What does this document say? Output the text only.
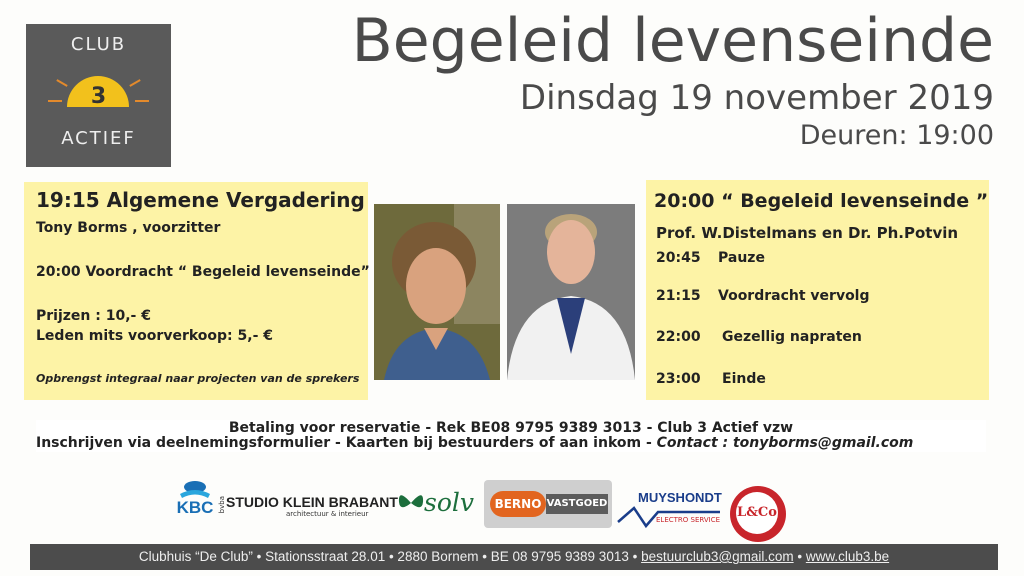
CLUB
3
ACTIEF
Begeleid levenseinde
Dinsdag 19 november 2019
Deuren: 19:00
19:15 Algemene Vergadering
Tony Borms , voorzitter
20:00 Voordracht “ Begeleid levenseinde”
Prijzen : 10,- €
Leden mits voorverkoop: 5,- €
Opbrengst integraal naar projecten van de sprekers
20:00 “ Begeleid levenseinde ”
Prof. W.Distelmans en Dr. Ph.Potvin
20:45 Pauze
21:15 Voordracht vervolg
22:00 Gezellig napraten
23:00 Einde
Betaling voor reservatie - Rek BE08 9795 9389 3013 - Club 3 Actief vzw
Inschrijven via deelnemingsformulier - Kaarten bij bestuurders of aan inkom - Contact : tonyborms@gmail.com
KBC bvba STUDIO KLEIN BRABANT
architectuur & interieur solv	BERNO VASTGOED MUYSHONDT
ELECTRO SERVICE L&Co
Clubhuis “De Club” • Stationsstraat 28.01 • 2880 Bornem • BE 08 9795 9389 3013 • bestuurclub3@gmail.com • www.club3.be
